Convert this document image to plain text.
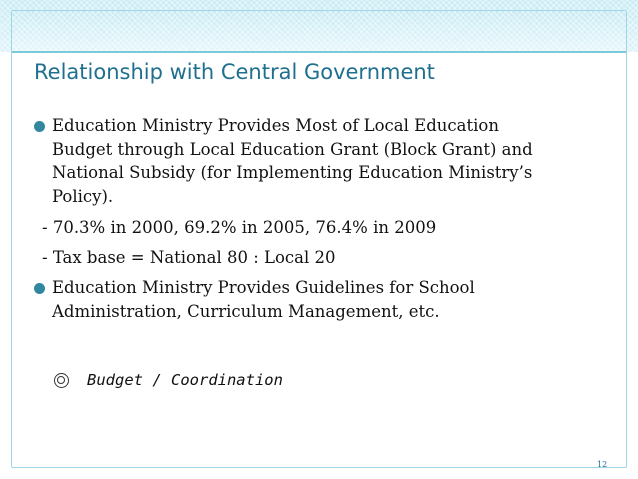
Relationship with Central Government
Education Ministry Provides Most of Local Education
Budget through Local Education Grant (Block Grant) and
National Subsidy (for Implementing Education Ministry’s
Policy).
- 70.3% in 2000, 69.2% in 2005, 76.4% in 2009
- Tax base = National 80 : Local 20
Education Ministry Provides Guidelines for School
Administration, Curriculum Management, etc.
Budget / Coordination
12
